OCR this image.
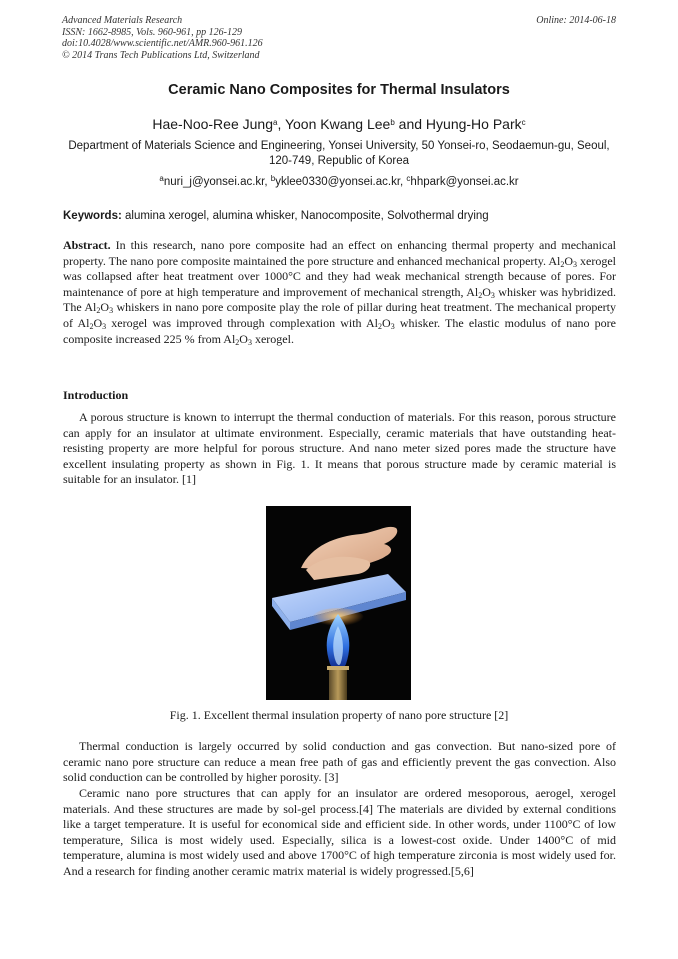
Advanced Materials Research
ISSN: 1662-8985, Vols. 960-961, pp 126-129
doi:10.4028/www.scientific.net/AMR.960-961.126
© 2014 Trans Tech Publications Ltd, Switzerland
Online: 2014-06-18
Ceramic Nano Composites for Thermal Insulators
Hae-Noo-Ree Jung$^a$, Yoon Kwang Lee$^b$ and Hyung-Ho Park$^c$
Department of Materials Science and Engineering, Yonsei University, 50 Yonsei-ro, Seodaemun-gu, Seoul, 120-749, Republic of Korea
$^a$nuri_j@yonsei.ac.kr, $^b$yklee0330@yonsei.ac.kr, $^c$hhpark@yonsei.ac.kr
Keywords: alumina xerogel, alumina whisker, Nanocomposite, Solvothermal drying
Abstract. In this research, nano pore composite had an effect on enhancing thermal property and mechanical property. The nano pore composite maintained the pore structure and enhanced mechanical property. $Al_2O_3$ xerogel was collapsed after heat treatment over 1000°C and they had weak mechanical strength because of pores. For maintenance of pore at high temperature and improvement of mechanical strength, $Al2O_3$ whisker was hybridized. The $Al_2O_3$ whiskers in nano pore composite play the role of pillar during heat treatment. The mechanical property of $Al_2O_3$ xerogel was improved through complexation with $Al_2O_3$ whisker. The elastic modulus of nano pore composite increased 225 % from $Al_2O_3$ xerogel.
Introduction
A porous structure is known to interrupt the thermal conduction of materials. For this reason, porous structure can apply for an insulator at ultimate environment. Especially, ceramic materials that have outstanding heat-resisting property are more helpful for porous structure. And nano meter sized pores made the structure have excellent insulating property as shown in Fig. 1. It means that porous structure made by ceramic material is suitable for an insulator. [1]
Fig. 1. Excellent thermal insulation property of nano pore structure [2]
Thermal conduction is largely occurred by solid conduction and gas convection. But nano-sized pore of ceramic nano pore structure can reduce a mean free path of gas and efficiently prevent the gas convection. Also solid conduction can be controlled by higher porosity. [3]
Ceramic nano pore structures that can apply for an insulator are ordered mesoporous, aerogel, xerogel materials. And these structures are made by sol-gel process.[4] The materials are divided by external conditions like a target temperature. It is useful for economical side and efficient side. In other words, under 1100°C of low temperature, Silica is most widely used. Especially, silica is a lowest-cost oxide. Under 1400°C of mid temperature, alumina is most widely used and above 1700°C of high temperature zirconia is most widely used for. And a research for finding another ceramic matrix material is widely progressed.[5,6]
